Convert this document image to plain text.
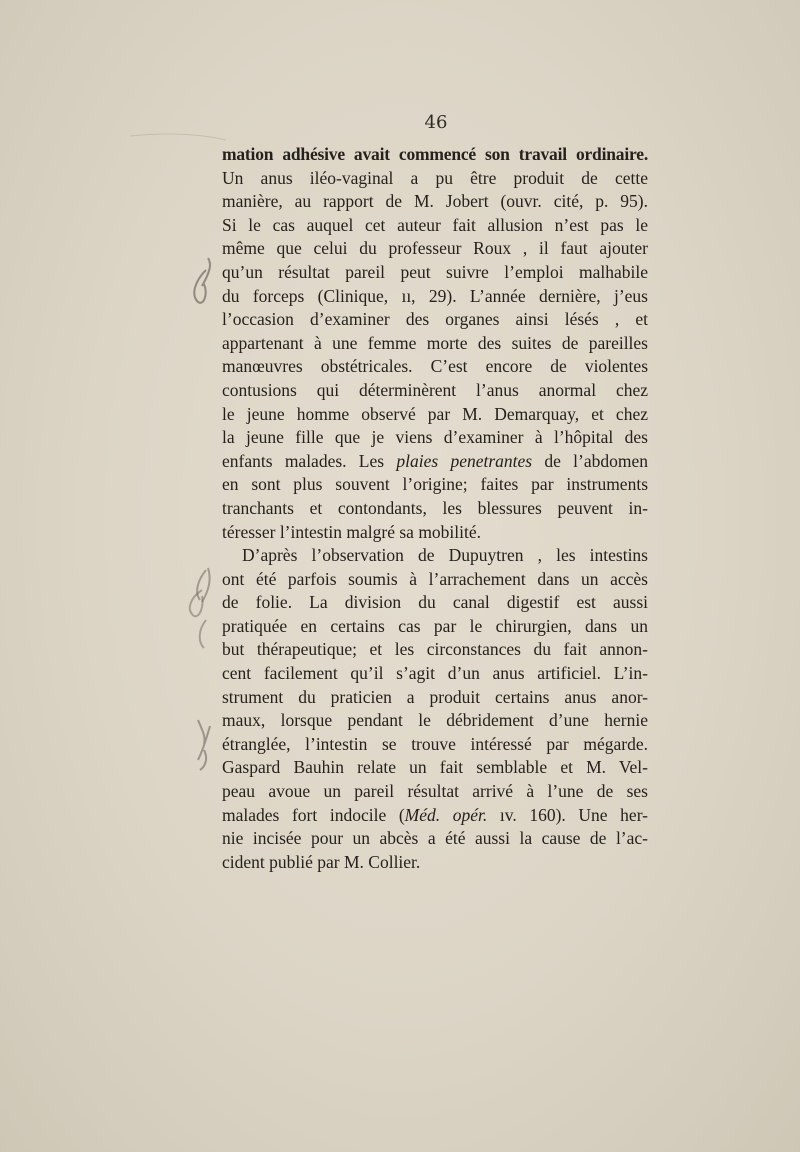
46
mation adhésive avait commencé son travail ordinaire.
Un anus iléo-vaginal a pu être produit de cette
manière, au rapport de M. Jobert (ouvr. cité, p. 95).
Si le cas auquel cet auteur fait allusion n’est pas le
même que celui du professeur Roux , il faut ajouter
qu’un résultat pareil peut suivre l’emploi malhabile
du forceps (Clinique, ıı, 29). L’année dernière, j’eus
l’occasion d’examiner des organes ainsi lésés , et
appartenant à une femme morte des suites de pareilles
manœuvres obstétricales. C’est encore de violentes
contusions qui déterminèrent l’anus anormal chez
le jeune homme observé par M. Demarquay, et chez
la jeune fille que je viens d’examiner à l’hôpital des
enfants malades. Les plaies penetrantes de l’abdomen
en sont plus souvent l’origine; faites par instruments
tranchants et contondants, les blessures peuvent in-
téresser l’intestin malgré sa mobilité.
D’après l’observation de Dupuytren , les intestins
ont été parfois soumis à l’arrachement dans un accès
de folie. La division du canal digestif est aussi
pratiquée en certains cas par le chirurgien, dans un
but thérapeutique; et les circonstances du fait annon-
cent facilement qu’il s’agit d’un anus artificiel. L’in-
strument du praticien a produit certains anus anor-
maux, lorsque pendant le débridement d’une hernie
étranglée, l’intestin se trouve intéressé par mégarde.
Gaspard Bauhin relate un fait semblable et M. Vel-
peau avoue un pareil résultat arrivé à l’une de ses
malades fort indocile (Méd. opér. ıv. 160). Une her-
nie incisée pour un abcès a été aussi la cause de l’ac-
cident publié par M. Collier.
